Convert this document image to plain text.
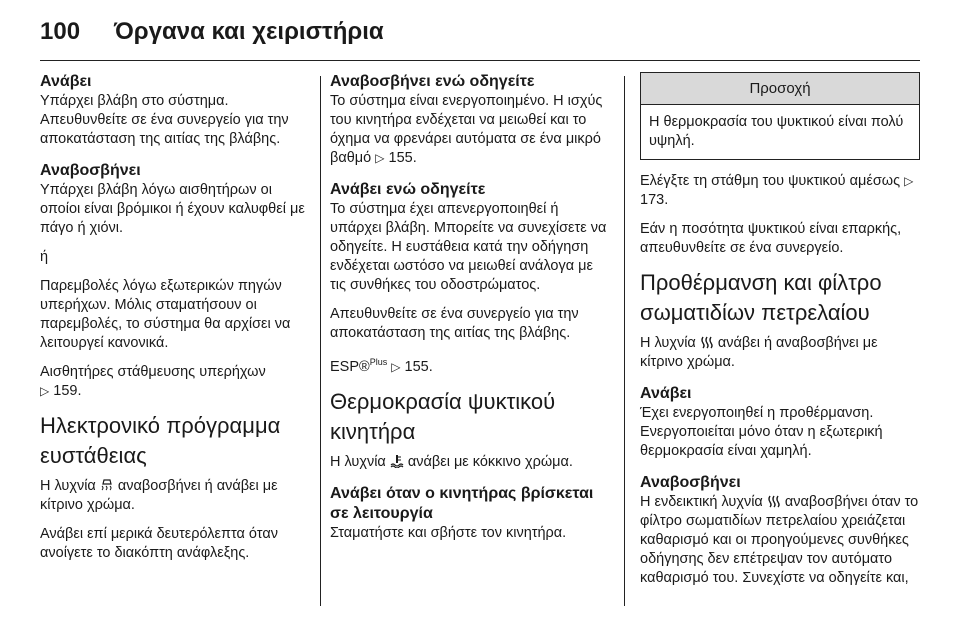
100 Όργανα και χειριστήρια
Ανάβει

Υπάρχει βλάβη στο σύστημα. Απευθυνθείτε σε ένα συνεργείο για την αποκατάσταση της αιτίας της βλάβης.

Αναβοσβήνει

Υπάρχει βλάβη λόγω αισθητήρων οι οποίοι είναι βρόμικοι ή έχουν καλυφθεί με πάγο ή χιόνι.

ή

Παρεμβολές λόγω εξωτερικών πηγών υπερήχων. Μόλις σταματήσουν οι παρεμβολές, το σύστημα θα αρχίσει να λειτουργεί κανονικά.

Αισθητήρες στάθμευσης υπερήχων
▷ 159.

Ηλεκτρονικό πρόγραμμα ευστάθειας

Η λυχνία αναβοσβήνει ή ανάβει με κίτρινο χρώμα.

Ανάβει επί μερικά δευτερόλεπτα όταν ανοίγετε το διακόπτη ανάφλεξης.

Αναβοσβήνει ενώ οδηγείτε

Το σύστημα είναι ενεργοποιημένο. Η ισχύς του κινητήρα ενδέχεται να μειωθεί και το όχημα να φρενάρει αυτόματα σε ένα μικρό βαθμό ▷ 155.

Ανάβει ενώ οδηγείτε

Το σύστημα έχει απενεργοποιηθεί ή υπάρχει βλάβη. Μπορείτε να συνεχίσετε να οδηγείτε. Η ευστάθεια κατά την οδήγηση ενδέχεται ωστόσο να μειωθεί ανάλογα με τις συνθήκες του οδοστρώματος.

Απευθυνθείτε σε ένα συνεργείο για την αποκατάσταση της αιτίας της βλάβης.

ESP®$^{Plus}$ ▷ 155.

Θερμοκρασία ψυκτικού κινητήρα

Η λυχνία ανάβει με κόκκινο χρώμα.

Ανάβει όταν ο κινητήρας βρίσκεται σε λειτουργία

Σταματήστε και σβήστε τον κινητήρα.

Προσοχή
Η θερμοκρασία του ψυκτικού είναι πολύ υψηλή.

Ελέγξτε τη στάθμη του ψυκτικού αμέσως ▷ 173.

Εάν η ποσότητα ψυκτικού είναι επαρκής, απευθυνθείτε σε ένα συνεργείο.

Προθέρμανση και φίλτρο σωματιδίων πετρελαίου

Η λυχνία ανάβει ή αναβοσβήνει με κίτρινο χρώμα.

Ανάβει

Έχει ενεργοποιηθεί η προθέρμανση. Ενεργοποιείται μόνο όταν η εξωτερική θερμοκρασία είναι χαμηλή.

Αναβοσβήνει

Η ενδεικτική λυχνία αναβοσβήνει όταν το φίλτρο σωματιδίων πετρελαίου χρειάζεται καθαρισμό και οι προηγούμενες συνθήκες οδήγησης δεν επέτρεψαν τον αυτόματο καθαρισμό του. Συνεχίστε να οδηγείτε και,
